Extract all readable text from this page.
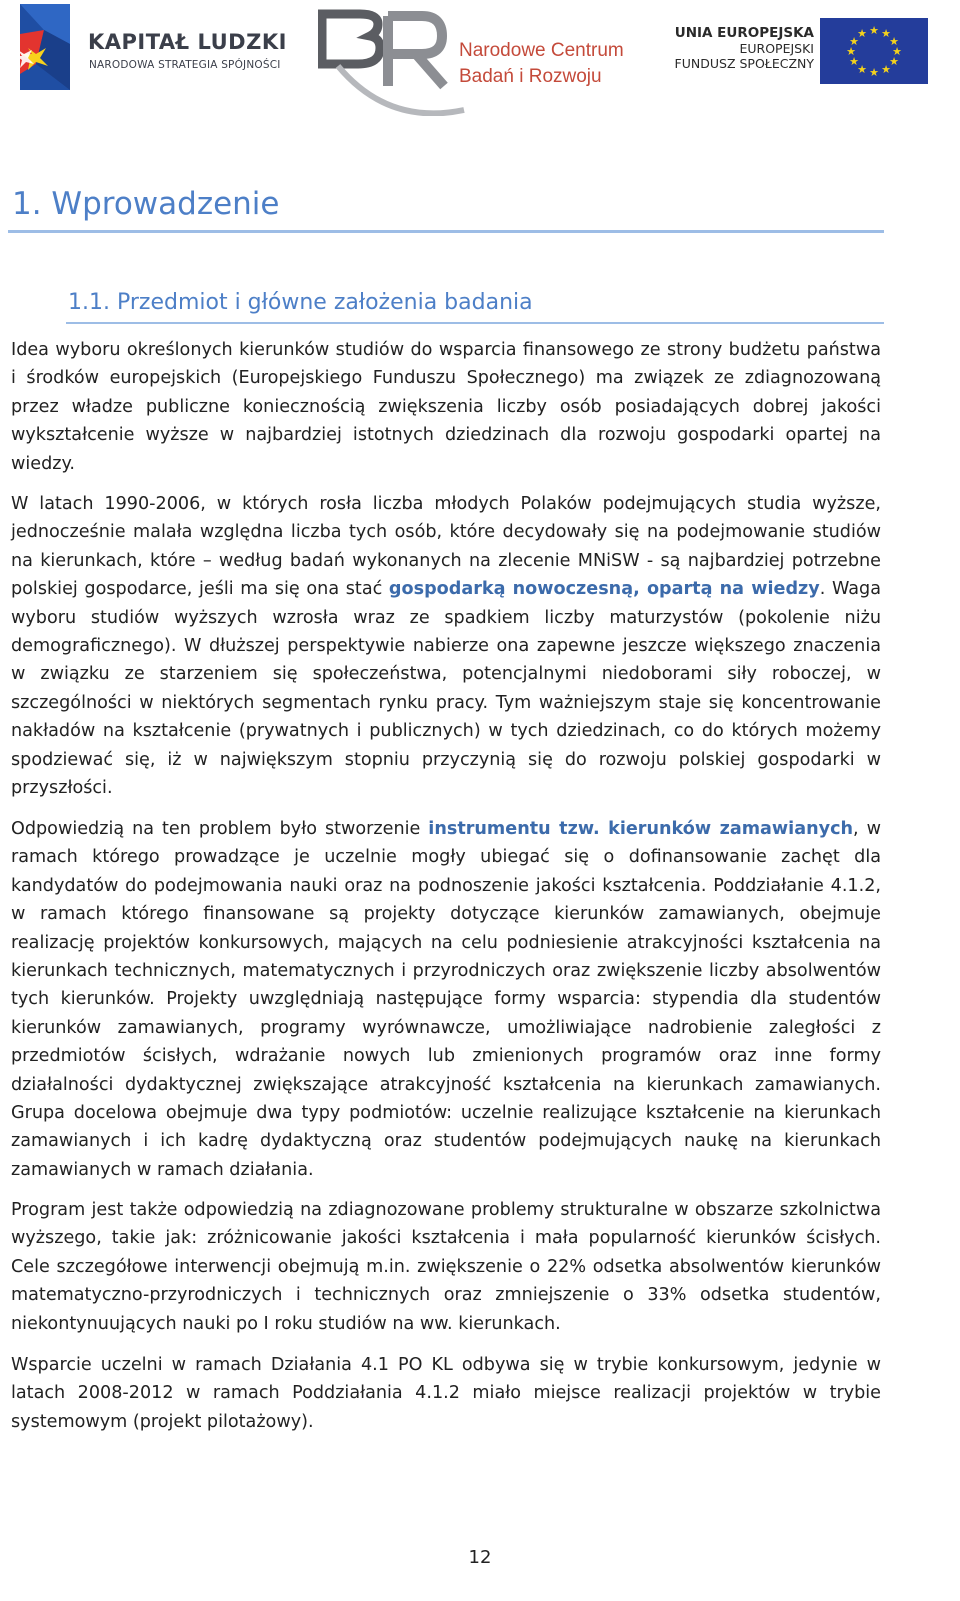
KAPITAŁ LUDZKI
NARODOWA STRATEGIA SPÓJNOŚCI
Narodowe Centrum
Badań i Rozwoju
UNIA EUROPEJSKA
EUROPEJSKI
FUNDUSZ SPOŁECZNY
★ ★
★
★
★
★
★
★
★
★
★
★
1. Wprowadzenie
1.1. Przedmiot i główne założenia badania
Idea wyboru określonych kierunków studiów do wsparcia finansowego ze strony budżetu państwa i środków europejskich (Europejskiego Funduszu Społecznego) ma związek ze zdiagnozowaną przez władze publiczne koniecznością zwiększenia liczby osób posiadających dobrej jakości wykształcenie wyższe w najbardziej istotnych dziedzinach dla rozwoju gospodarki opartej na wiedzy.
W latach 1990-2006, w których rosła liczba młodych Polaków podejmujących studia wyższe, jednocześnie malała względna liczba tych osób, które decydowały się na podejmowanie studiów na kierunkach, które – według badań wykonanych na zlecenie MNiSW - są najbardziej potrzebne polskiej gospodarce, jeśli ma się ona stać gospodarką nowoczesną, opartą na wiedzy. Waga wyboru studiów wyższych wzrosła wraz ze spadkiem liczby maturzystów (pokolenie niżu demograficznego). W dłuższej perspektywie nabierze ona zapewne jeszcze większego znaczenia w związku ze starzeniem się społeczeństwa, potencjalnymi niedoborami siły roboczej, w szczególności w niektórych segmentach rynku pracy. Tym ważniejszym staje się koncentrowanie nakładów na kształcenie (prywatnych i publicznych) w tych dziedzinach, co do których możemy spodziewać się, iż w największym stopniu przyczynią się do rozwoju polskiej gospodarki w przyszłości.
Odpowiedzią na ten problem było stworzenie instrumentu tzw. kierunków zamawianych, w ramach którego prowadzące je uczelnie mogły ubiegać się o dofinansowanie zachęt dla kandydatów do podejmowania nauki oraz na podnoszenie jakości kształcenia. Poddziałanie 4.1.2, w ramach którego finansowane są projekty dotyczące kierunków zamawianych, obejmuje realizację projektów konkursowych, mających na celu podniesienie atrakcyjności kształcenia na kierunkach technicznych, matematycznych i przyrodniczych oraz zwiększenie liczby absolwentów tych kierunków. Projekty uwzględniają następujące formy wsparcia: stypendia dla studentów kierunków zamawianych, programy wyrównawcze, umożliwiające nadrobienie zaległości z przedmiotów ścisłych, wdrażanie nowych lub zmienionych programów oraz inne formy działalności dydaktycznej zwiększające atrakcyjność kształcenia na kierunkach zamawianych. Grupa docelowa obejmuje dwa typy podmiotów: uczelnie realizujące kształcenie na kierunkach zamawianych i ich kadrę dydaktyczną oraz studentów podejmujących naukę na kierunkach zamawianych w ramach działania.
Program jest także odpowiedzią na zdiagnozowane problemy strukturalne w obszarze szkolnictwa wyższego, takie jak: zróżnicowanie jakości kształcenia i mała popularność kierunków ścisłych. Cele szczegółowe interwencji obejmują m.in. zwiększenie o 22% odsetka absolwentów kierunków matematyczno-przyrodniczych i technicznych oraz zmniejszenie o 33% odsetka studentów, niekontynuujących nauki po I roku studiów na ww. kierunkach.
Wsparcie uczelni w ramach Działania 4.1 PO KL odbywa się w trybie konkursowym, jedynie w latach 2008-2012 w ramach Poddziałania 4.1.2 miało miejsce realizacji projektów w trybie systemowym (projekt pilotażowy).
12
